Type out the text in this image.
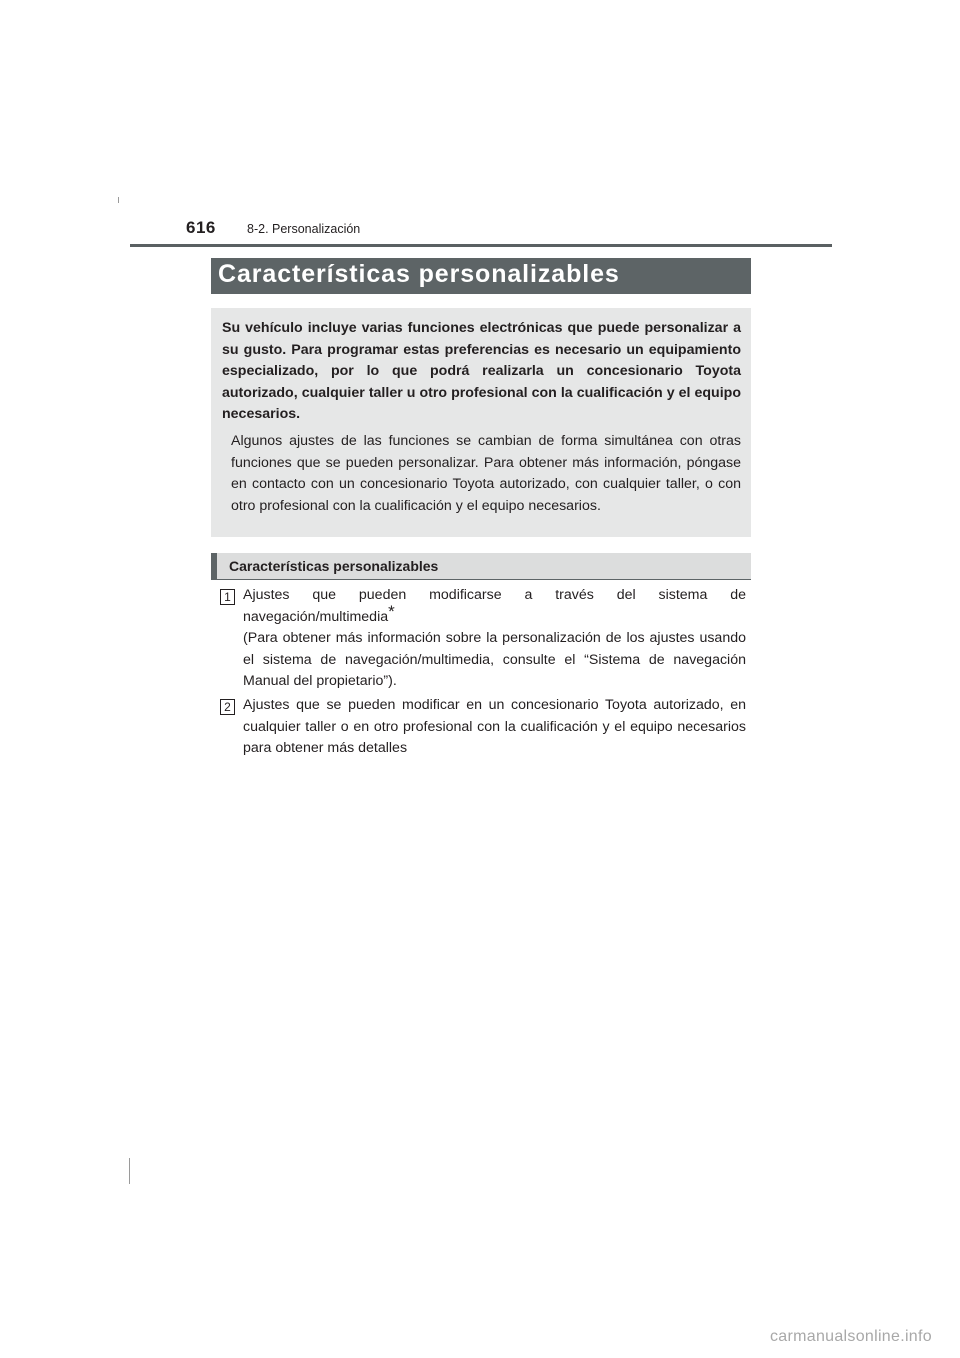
616 8-2. Personalización
Características personalizables

Su vehículo incluye varias funciones electrónicas que puede personalizar a su gusto. Para programar estas preferencias es necesario un equipamiento especializado, por lo que podrá realizarla un concesionario Toyota autorizado, cualquier taller u otro profesional con la cualificación y el equipo necesarios.

Algunos ajustes de las funciones se cambian de forma simultánea con otras funciones que se pueden personalizar. Para obtener más información, póngase en contacto con un concesionario Toyota autorizado, con cualquier taller, o con otro profesional con la cualificación y el equipo necesarios.

Características personalizables
1 Ajustes que pueden modificarse a través del sistema de navegación/multimedia*

(Para obtener más información sobre la personalización de los ajustes usando el sistema de navegación/multimedia, consulte el “Sistema de navegación Manual del propietario”).

2 Ajustes que se pueden modificar en un concesionario Toyota autorizado, en cualquier taller o en otro profesional con la cualificación y el equipo necesarios para obtener más detalles

carmanualsonline.info
